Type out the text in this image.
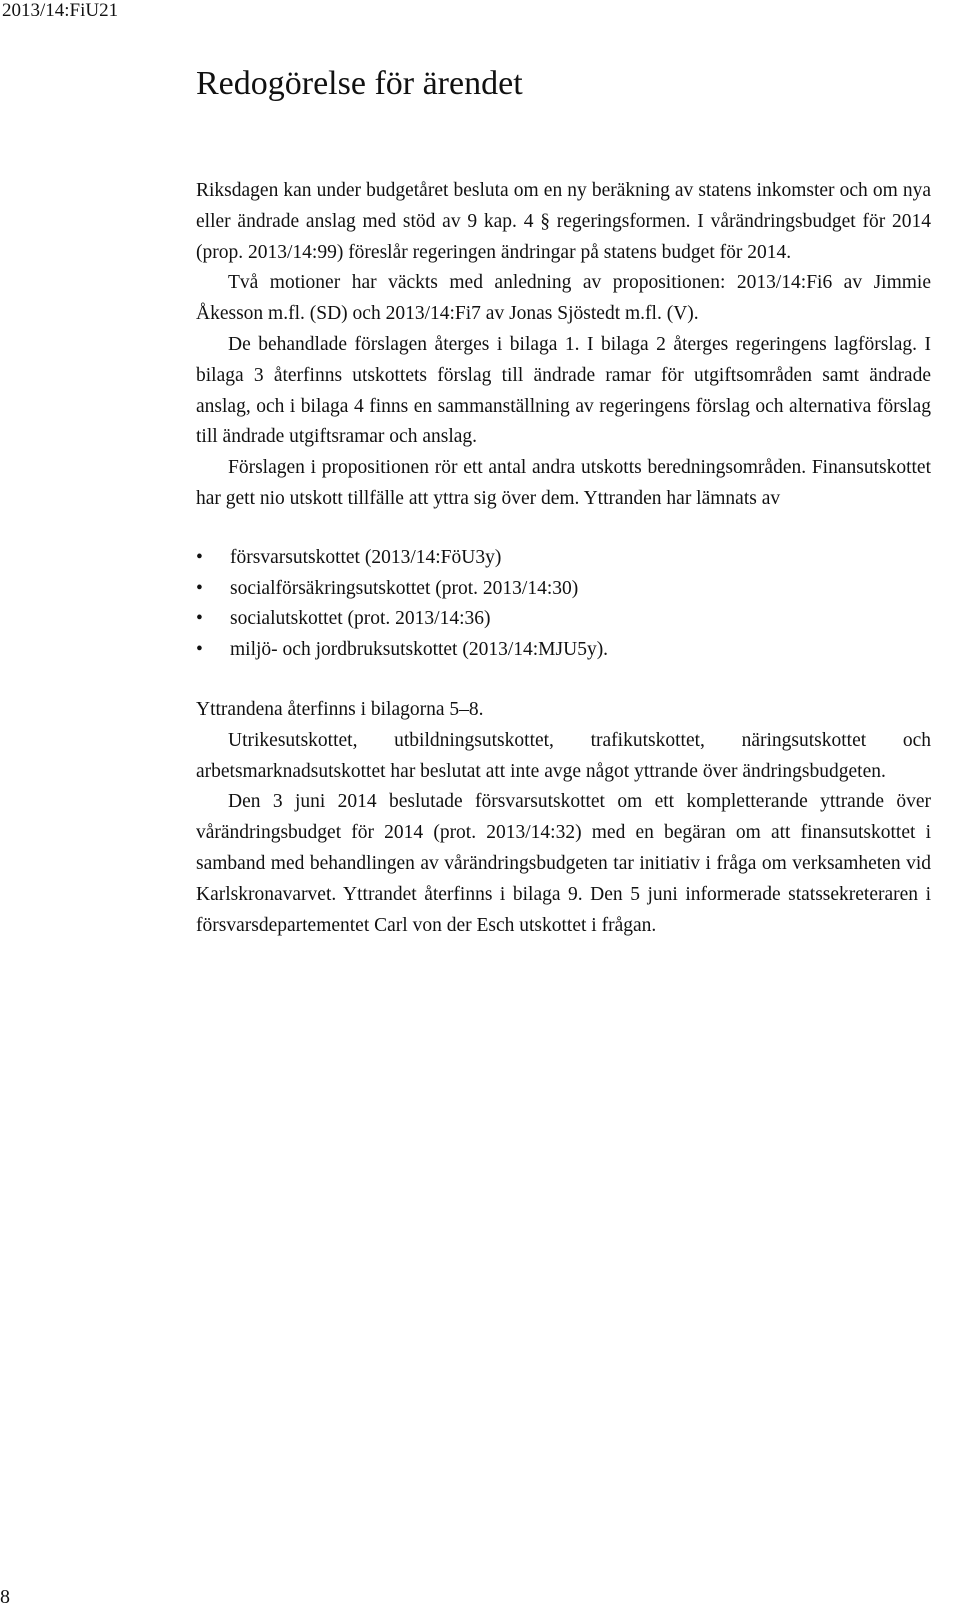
2013/14:FiU21
Redogörelse för ärendet

Riksdagen kan under budgetåret besluta om en ny beräkning av statens inkomster och om nya eller ändrade anslag med stöd av 9 kap. 4 § regeringsformen. I vårändringsbudget för 2014 (prop. 2013/14:99) föreslår regeringen ändringar på statens budget för 2014.

Två motioner har väckts med anledning av propositionen: 2013/14:Fi6 av Jimmie Åkesson m.fl. (SD) och 2013/14:Fi7 av Jonas Sjöstedt m.fl. (V).

De behandlade förslagen återges i bilaga 1. I bilaga 2 återges regeringens lagförslag. I bilaga 3 återfinns utskottets förslag till ändrade ramar för utgiftsområden samt ändrade anslag, och i bilaga 4 finns en sammanställning av regeringens förslag och alternativa förslag till ändrade utgiftsramar och anslag.

Förslagen i propositionen rör ett antal andra utskotts beredningsområden. Finansutskottet har gett nio utskott tillfälle att yttra sig över dem. Yttranden har lämnats av

• försvarsutskottet (2013/14:FöU3y)
• socialförsäkringsutskottet (prot. 2013/14:30)
• socialutskottet (prot. 2013/14:36)
• miljö- och jordbruksutskottet (2013/14:MJU5y).

Yttrandena återfinns i bilagorna 5–8.

Utrikesutskottet, utbildningsutskottet, trafikutskottet, näringsutskottet och arbetsmarknadsutskottet har beslutat att inte avge något yttrande över ändringsbudgeten.

Den 3 juni 2014 beslutade försvarsutskottet om ett kompletterande yttrande över vårändringsbudget för 2014 (prot. 2013/14:32) med en begäran om att finansutskottet i samband med behandlingen av vårändringsbudgeten tar initiativ i fråga om verksamheten vid Karlskronavarvet. Yttrandet återfinns i bilaga 9. Den 5 juni informerade statssekreteraren i försvarsdepartementet Carl von der Esch utskottet i frågan.

8
